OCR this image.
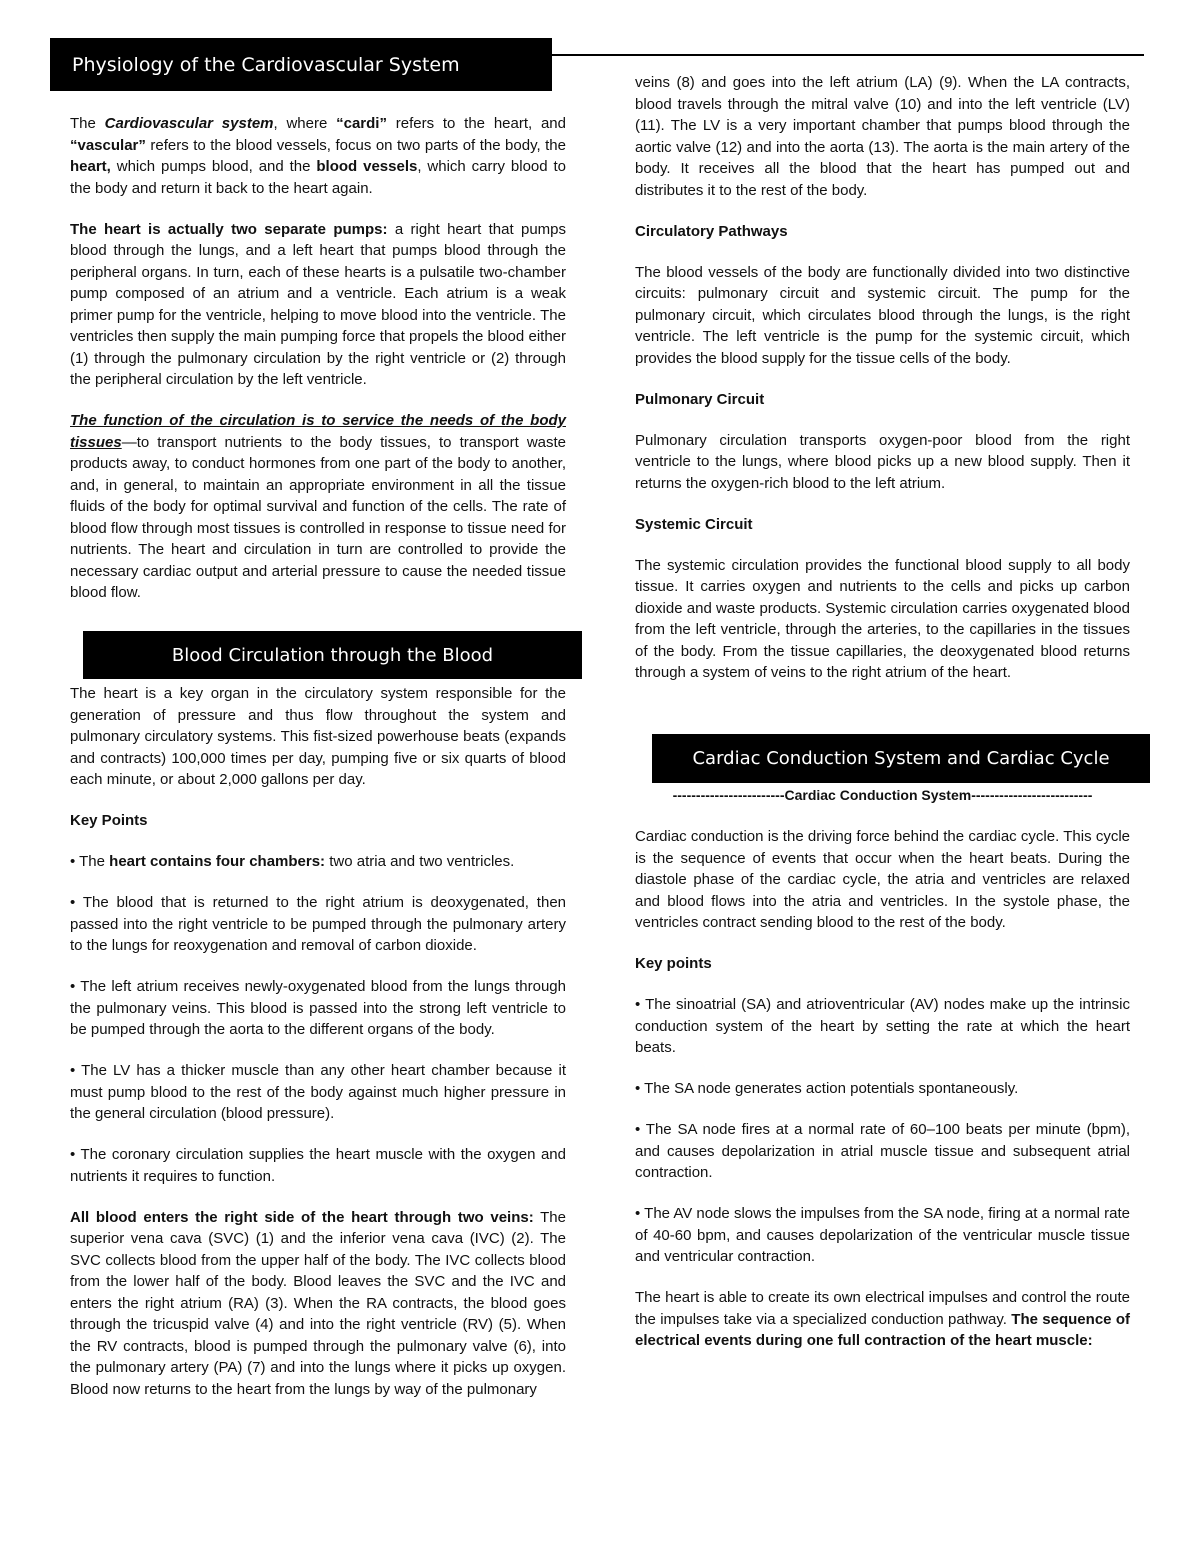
Physiology of the Cardiovascular System

The Cardiovascular system, where “cardi” refers to the heart, and “vascular” refers to the blood vessels, focus on two parts of the body, the heart, which pumps blood, and the blood vessels, which carry blood to the body and return it back to the heart again.

The heart is actually two separate pumps: a right heart that pumps blood through the lungs, and a left heart that pumps blood through the peripheral organs. In turn, each of these hearts is a pulsatile two-chamber pump composed of an atrium and a ventricle. Each atrium is a weak primer pump for the ventricle, helping to move blood into the ventricle. The ventricles then supply the main pumping force that propels the blood either (1) through the pulmonary circulation by the right ventricle or (2) through the peripheral circulation by the left ventricle.

The function of the circulation is to service the needs of the body tissues—to transport nutrients to the body tissues, to transport waste products away, to conduct hormones from one part of the body to another, and, in general, to maintain an appropriate environment in all the tissue fluids of the body for optimal survival and function of the cells. The rate of blood flow through most tissues is controlled in response to tissue need for nutrients. The heart and circulation in turn are controlled to provide the necessary cardiac output and arterial pressure to cause the needed tissue blood flow.

Blood Circulation through the Blood

The heart is a key organ in the circulatory system responsible for the generation of pressure and thus flow throughout the system and pulmonary circulatory systems. This fist-sized powerhouse beats (expands and contracts) 100,000 times per day, pumping five or six quarts of blood each minute, or about 2,000 gallons per day.

Key Points

• The heart contains four chambers: two atria and two ventricles.

• The blood that is returned to the right atrium is deoxygenated, then passed into the right ventricle to be pumped through the pulmonary artery to the lungs for reoxygenation and removal of carbon dioxide.

• The left atrium receives newly-oxygenated blood from the lungs through the pulmonary veins. This blood is passed into the strong left ventricle to be pumped through the aorta to the different organs of the body.

• The LV has a thicker muscle than any other heart chamber because it must pump blood to the rest of the body against much higher pressure in the general circulation (blood pressure).

• The coronary circulation supplies the heart muscle with the oxygen and nutrients it requires to function.

All blood enters the right side of the heart through two veins: The superior vena cava (SVC) (1) and the inferior vena cava (IVC) (2). The SVC collects blood from the upper half of the body. The IVC collects blood from the lower half of the body. Blood leaves the SVC and the IVC and enters the right atrium (RA) (3). When the RA contracts, the blood goes through the tricuspid valve (4) and into the right ventricle (RV) (5). When the RV contracts, blood is pumped through the pulmonary valve (6), into the pulmonary artery (PA) (7) and into the lungs where it picks up oxygen. Blood now returns to the heart from the lungs by way of the pulmonary

veins (8) and goes into the left atrium (LA) (9). When the LA contracts, blood travels through the mitral valve (10) and into the left ventricle (LV) (11). The LV is a very important chamber that pumps blood through the aortic valve (12) and into the aorta (13). The aorta is the main artery of the body. It receives all the blood that the heart has pumped out and distributes it to the rest of the body.

Circulatory Pathways

The blood vessels of the body are functionally divided into two distinctive circuits: pulmonary circuit and systemic circuit. The pump for the pulmonary circuit, which circulates blood through the lungs, is the right ventricle. The left ventricle is the pump for the systemic circuit, which provides the blood supply for the tissue cells of the body.

Pulmonary Circuit

Pulmonary circulation transports oxygen-poor blood from the right ventricle to the lungs, where blood picks up a new blood supply. Then it returns the oxygen-rich blood to the left atrium.

Systemic Circuit

The systemic circulation provides the functional blood supply to all body tissue. It carries oxygen and nutrients to the cells and picks up carbon dioxide and waste products. Systemic circulation carries oxygenated blood from the left ventricle, through the arteries, to the capillaries in the tissues of the body. From the tissue capillaries, the deoxygenated blood returns through a system of veins to the right atrium of the heart.

Cardiac Conduction System and Cardiac Cycle
------------------------Cardiac Conduction System--------------------------

Cardiac conduction is the driving force behind the cardiac cycle. This cycle is the sequence of events that occur when the heart beats. During the diastole phase of the cardiac cycle, the atria and ventricles are relaxed and blood flows into the atria and ventricles. In the systole phase, the ventricles contract sending blood to the rest of the body.

Key points

• The sinoatrial (SA) and atrioventricular (AV) nodes make up the intrinsic conduction system of the heart by setting the rate at which the heart beats.

• The SA node generates action potentials spontaneously.

• The SA node fires at a normal rate of 60–100 beats per minute (bpm), and causes depolarization in atrial muscle tissue and subsequent atrial contraction.

• The AV node slows the impulses from the SA node, firing at a normal rate of 40-60 bpm, and causes depolarization of the ventricular muscle tissue and ventricular contraction.

The heart is able to create its own electrical impulses and control the route the impulses take via a specialized conduction pathway. The sequence of electrical events during one full contraction of the heart muscle:
